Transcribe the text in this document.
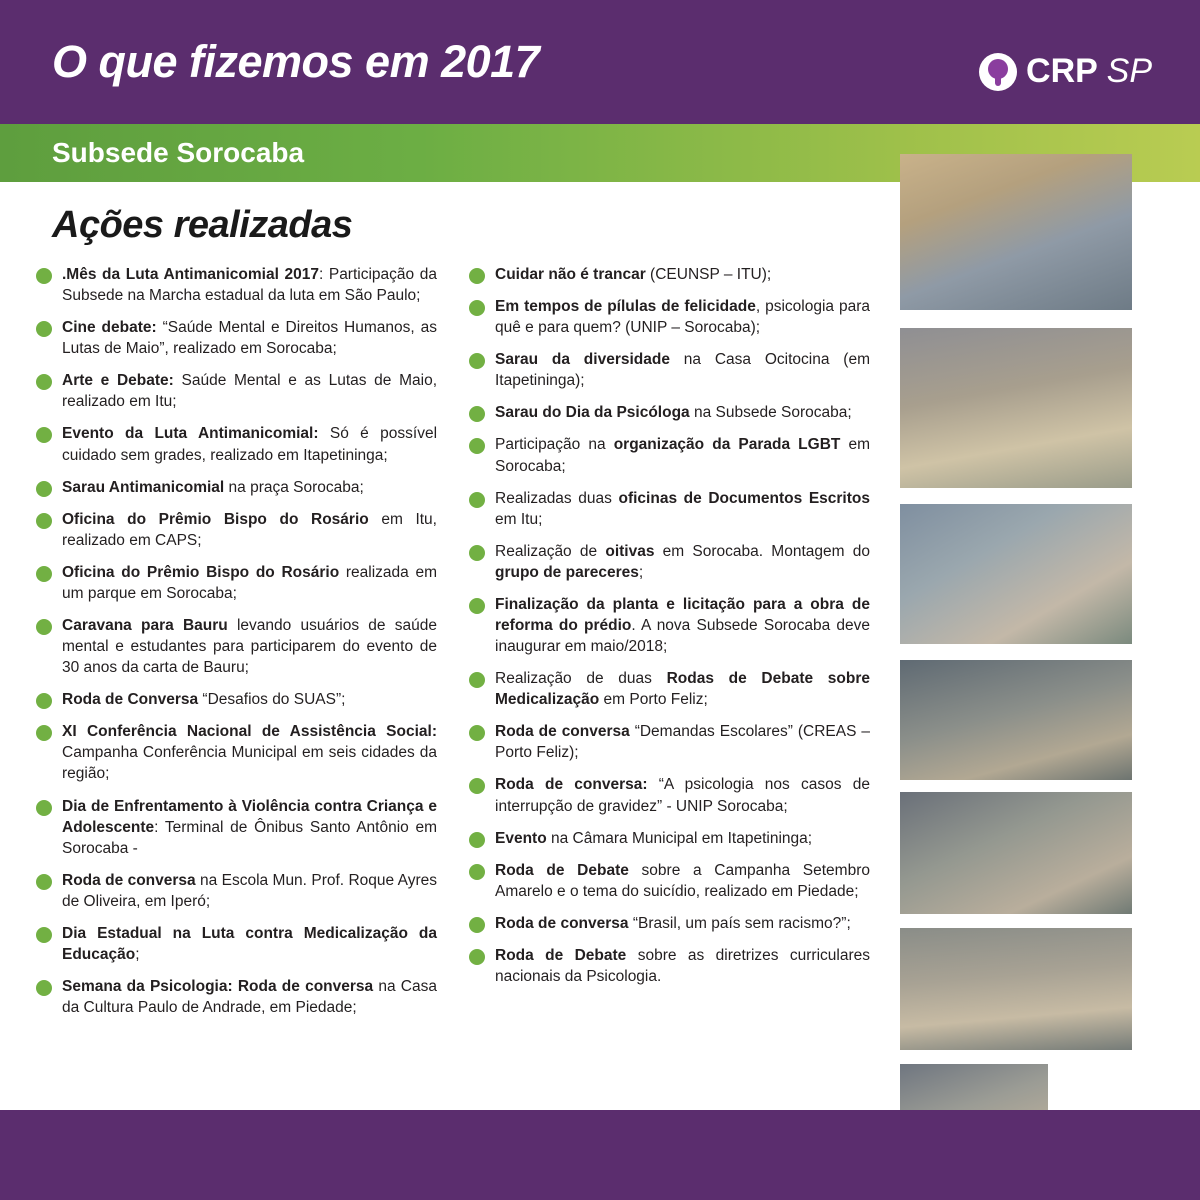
O que fizemos em 2017	CRP SP
Subsede Sorocaba
Ações realizadas
.Mês da Luta Antimanicomial 2017: Participação da Subsede na Marcha estadual da luta em São Paulo;
Cine debate: “Saúde Mental e Direitos Humanos, as Lutas de Maio”, realizado em Sorocaba;
Arte e Debate: Saúde Mental e as Lutas de Maio, realizado em Itu;
Evento da Luta Antimanicomial: Só é possível cuidado sem grades, realizado em Itapetininga;
Sarau Antimanicomial na praça Sorocaba;
Oficina do Prêmio Bispo do Rosário em Itu, realizado em CAPS;
Oficina do Prêmio Bispo do Rosário realizada em um parque em Sorocaba;
Caravana para Bauru levando usuários de saúde mental e estudantes para participarem do evento de 30 anos da carta de Bauru;
Roda de Conversa “Desafios do SUAS”;
XI Conferência Nacional de Assistência Social: Campanha Conferência Municipal em seis cidades da região;
Dia de Enfrentamento à Violência contra Criança e Adolescente: Terminal de Ônibus Santo Antônio em Sorocaba -
Roda de conversa na Escola Mun. Prof. Roque Ayres de Oliveira, em Iperó;
Dia Estadual na Luta contra Medicalização da Educação;
Semana da Psicologia: Roda de conversa na Casa da Cultura Paulo de Andrade, em Piedade;
Cuidar não é trancar (CEUNSP – ITU);
Em tempos de pílulas de felicidade, psicologia para quê e para quem? (UNIP – Sorocaba);
Sarau da diversidade na Casa Ocitocina (em Itapetininga);
Sarau do Dia da Psicóloga na Subsede Sorocaba;
Participação na organização da Parada LGBT em Sorocaba;
Realizadas duas oficinas de Documentos Escritos em Itu;
Realização de oitivas em Sorocaba. Montagem do grupo de pareceres;
Finalização da planta e licitação para a obra de reforma do prédio. A nova Subsede Sorocaba deve inaugurar em maio/2018;
Realização de duas Rodas de Debate sobre Medicalização em Porto Feliz;
Roda de conversa “Demandas Escolares” (CREAS – Porto Feliz);
Roda de conversa: “A psicologia nos casos de interrupção de gravidez” - UNIP Sorocaba;
Evento na Câmara Municipal em Itapetininga;
Roda de Debate sobre a Campanha Setembro Amarelo e o tema do suicídio, realizado em Piedade;
Roda de conversa “Brasil, um país sem racismo?”;
Roda de Debate sobre as diretrizes curriculares nacionais da Psicologia.
